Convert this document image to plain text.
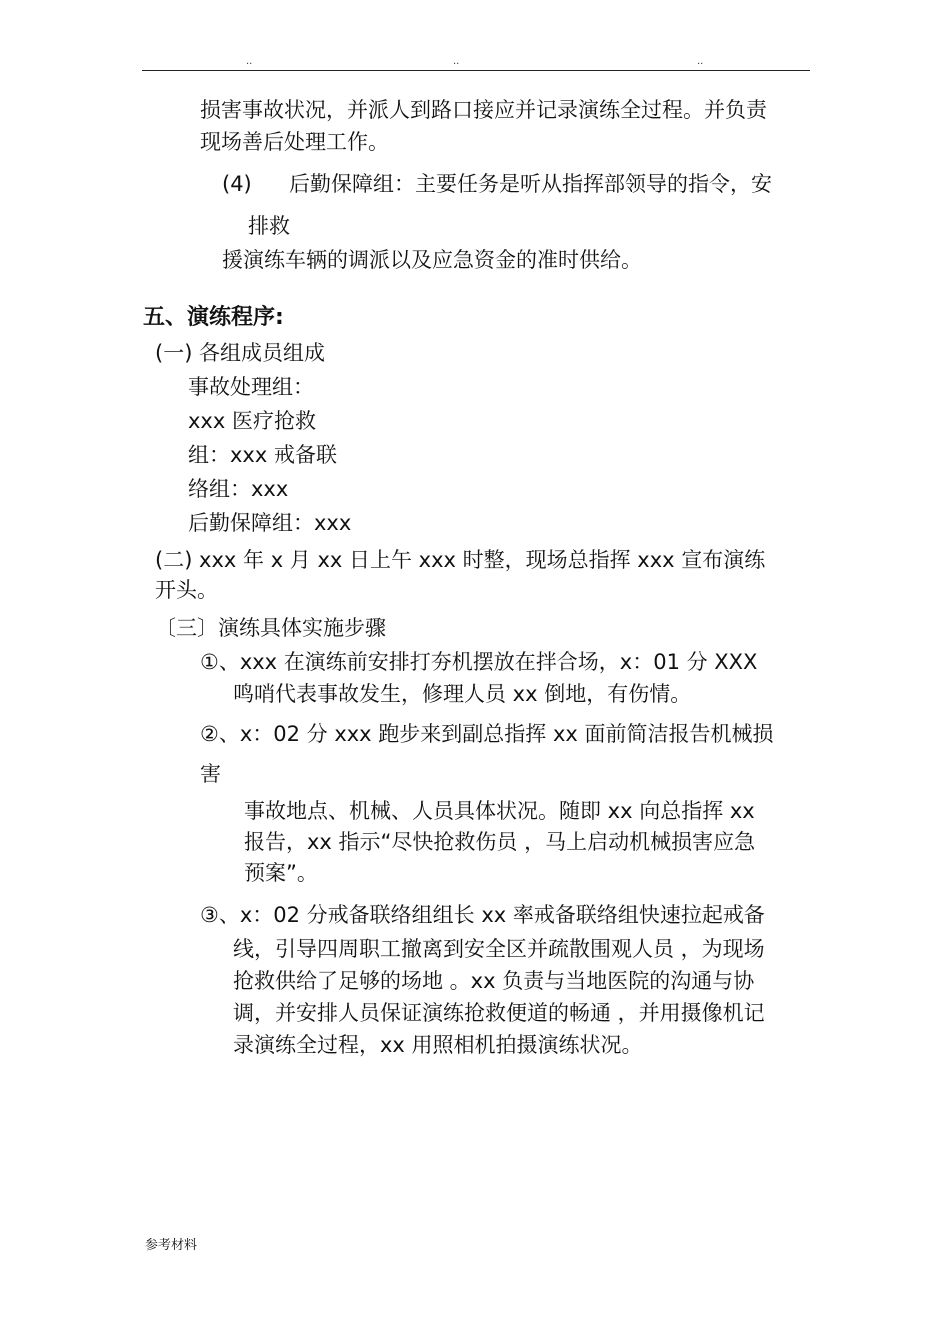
..	..	..
损害事故状况，并派人到路口接应并记录演练全过程。并负责
现场善后处理工作。
(4) 后勤保障组：主要任务是听从指挥部领导的指令，安
排救
援演练车辆的调派以及应急资金的准时供给。
五、演练程序:
(一) 各组成员组成
事故处理组：
xxx 医疗抢救
组：xxx 戒备联
络组：xxx
后勤保障组：xxx
(二) xxx 年 x 月 xx 日上午 xxx 时整，现场总指挥 xxx 宣布演练
开头。
〔三〕演练具体实施步骤
①、xxx 在演练前安排打夯机摆放在拌合场，x：01 分 XXX
鸣哨代表事故发生，修理人员 xx 倒地，有伤情。
②、x：02 分 xxx 跑步来到副总指挥 xx 面前简洁报告机械损
害
事故地点、机械、人员具体状况。随即 xx 向总指挥 xx
报告，xx 指示“尽快抢救伤员 ，马上启动机械损害应急
预案”。
③、x：02 分戒备联络组组长 xx 率戒备联络组快速拉起戒备
线，引导四周职工撤离到安全区并疏散围观人员 ，为现场
抢救供给了足够的场地 。xx 负责与当地医院的沟通与协
调，并安排人员保证演练抢救便道的畅通 ，并用摄像机记
录演练全过程，xx 用照相机拍摄演练状况。
参考材料
